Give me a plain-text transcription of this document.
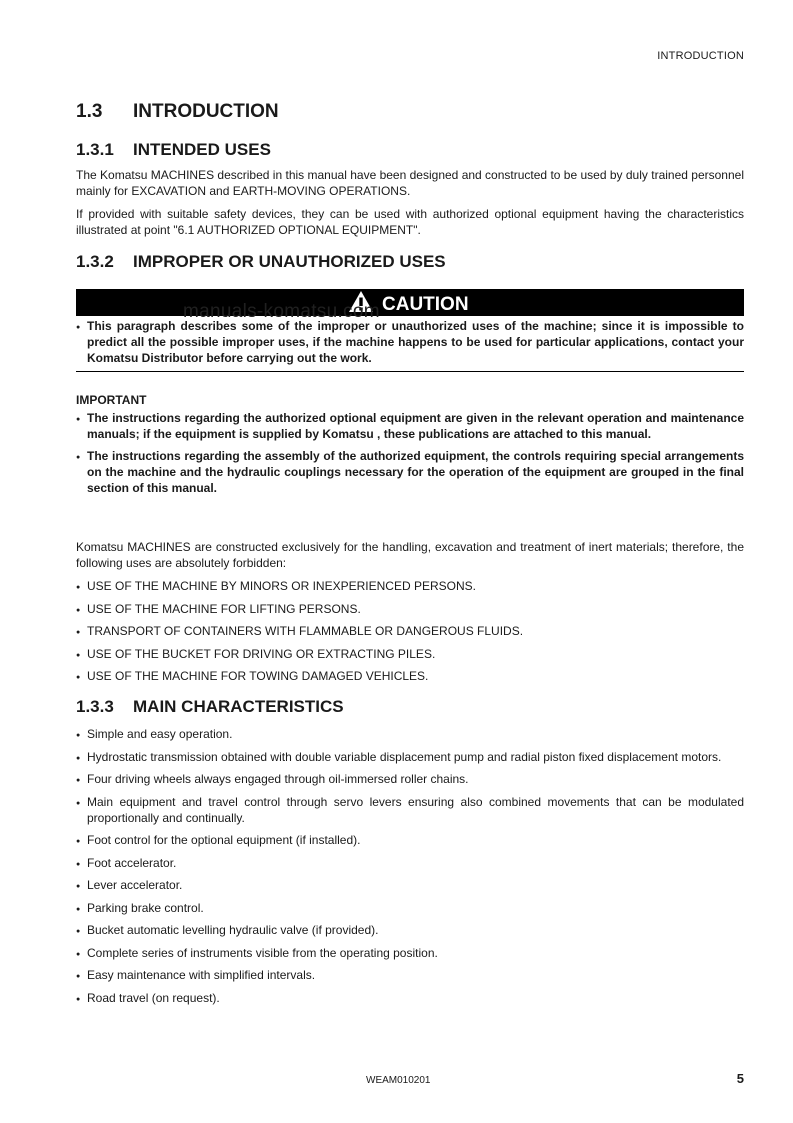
INTRODUCTION
1.3 INTRODUCTION
1.3.1 INTENDED USES

The Komatsu MACHINES described in this manual have been designed and constructed to be used by duly trained personnel mainly for EXCAVATION and EARTH-MOVING OPERATIONS.

If provided with suitable safety devices, they can be used with authorized optional equipment having the characteristics illustrated at point "6.1 AUTHORIZED OPTIONAL EQUIPMENT".

1.3.2 IMPROPER OR UNAUTHORIZED USES
CAUTION
manuals-komatsu.com
● This paragraph describes some of the improper or unauthorized uses of the machine; since it is impossible to predict all the possible improper uses, if the machine happens to be used for particular applications, contact your Komatsu Distributor before carrying out the work.
IMPORTANT
● The instructions regarding the authorized optional equipment are given in the relevant operation and maintenance manuals; if the equipment is supplied by Komatsu , these publications are attached to this manual.
● The instructions regarding the assembly of the authorized equipment, the controls requiring special arrangements on the machine and the hydraulic couplings necessary for the operation of the equipment are grouped in the final section of this manual.

Komatsu MACHINES are constructed exclusively for the handling, excavation and treatment of inert materials; therefore, the following uses are absolutely forbidden:

● USE OF THE MACHINE BY MINORS OR INEXPERIENCED PERSONS.
● USE OF THE MACHINE FOR LIFTING PERSONS.
● TRANSPORT OF CONTAINERS WITH FLAMMABLE OR DANGEROUS FLUIDS.
● USE OF THE BUCKET FOR DRIVING OR EXTRACTING PILES.
● USE OF THE MACHINE FOR TOWING DAMAGED VEHICLES.
1.3.3 MAIN CHARACTERISTICS
● Simple and easy operation.
● Hydrostatic transmission obtained with double variable displacement pump and radial piston fixed displacement motors.
● Four driving wheels always engaged through oil-immersed roller chains.
● Main equipment and travel control through servo levers ensuring also combined movements that can be modulated proportionally and continually.
● Foot control for the optional equipment (if installed).
● Foot accelerator.
● Lever accelerator.
● Parking brake control.
● Bucket automatic levelling hydraulic valve (if provided).
● Complete series of instruments visible from the operating position.
● Easy maintenance with simplified intervals.
● Road travel (on request).
WEAM010201	5
